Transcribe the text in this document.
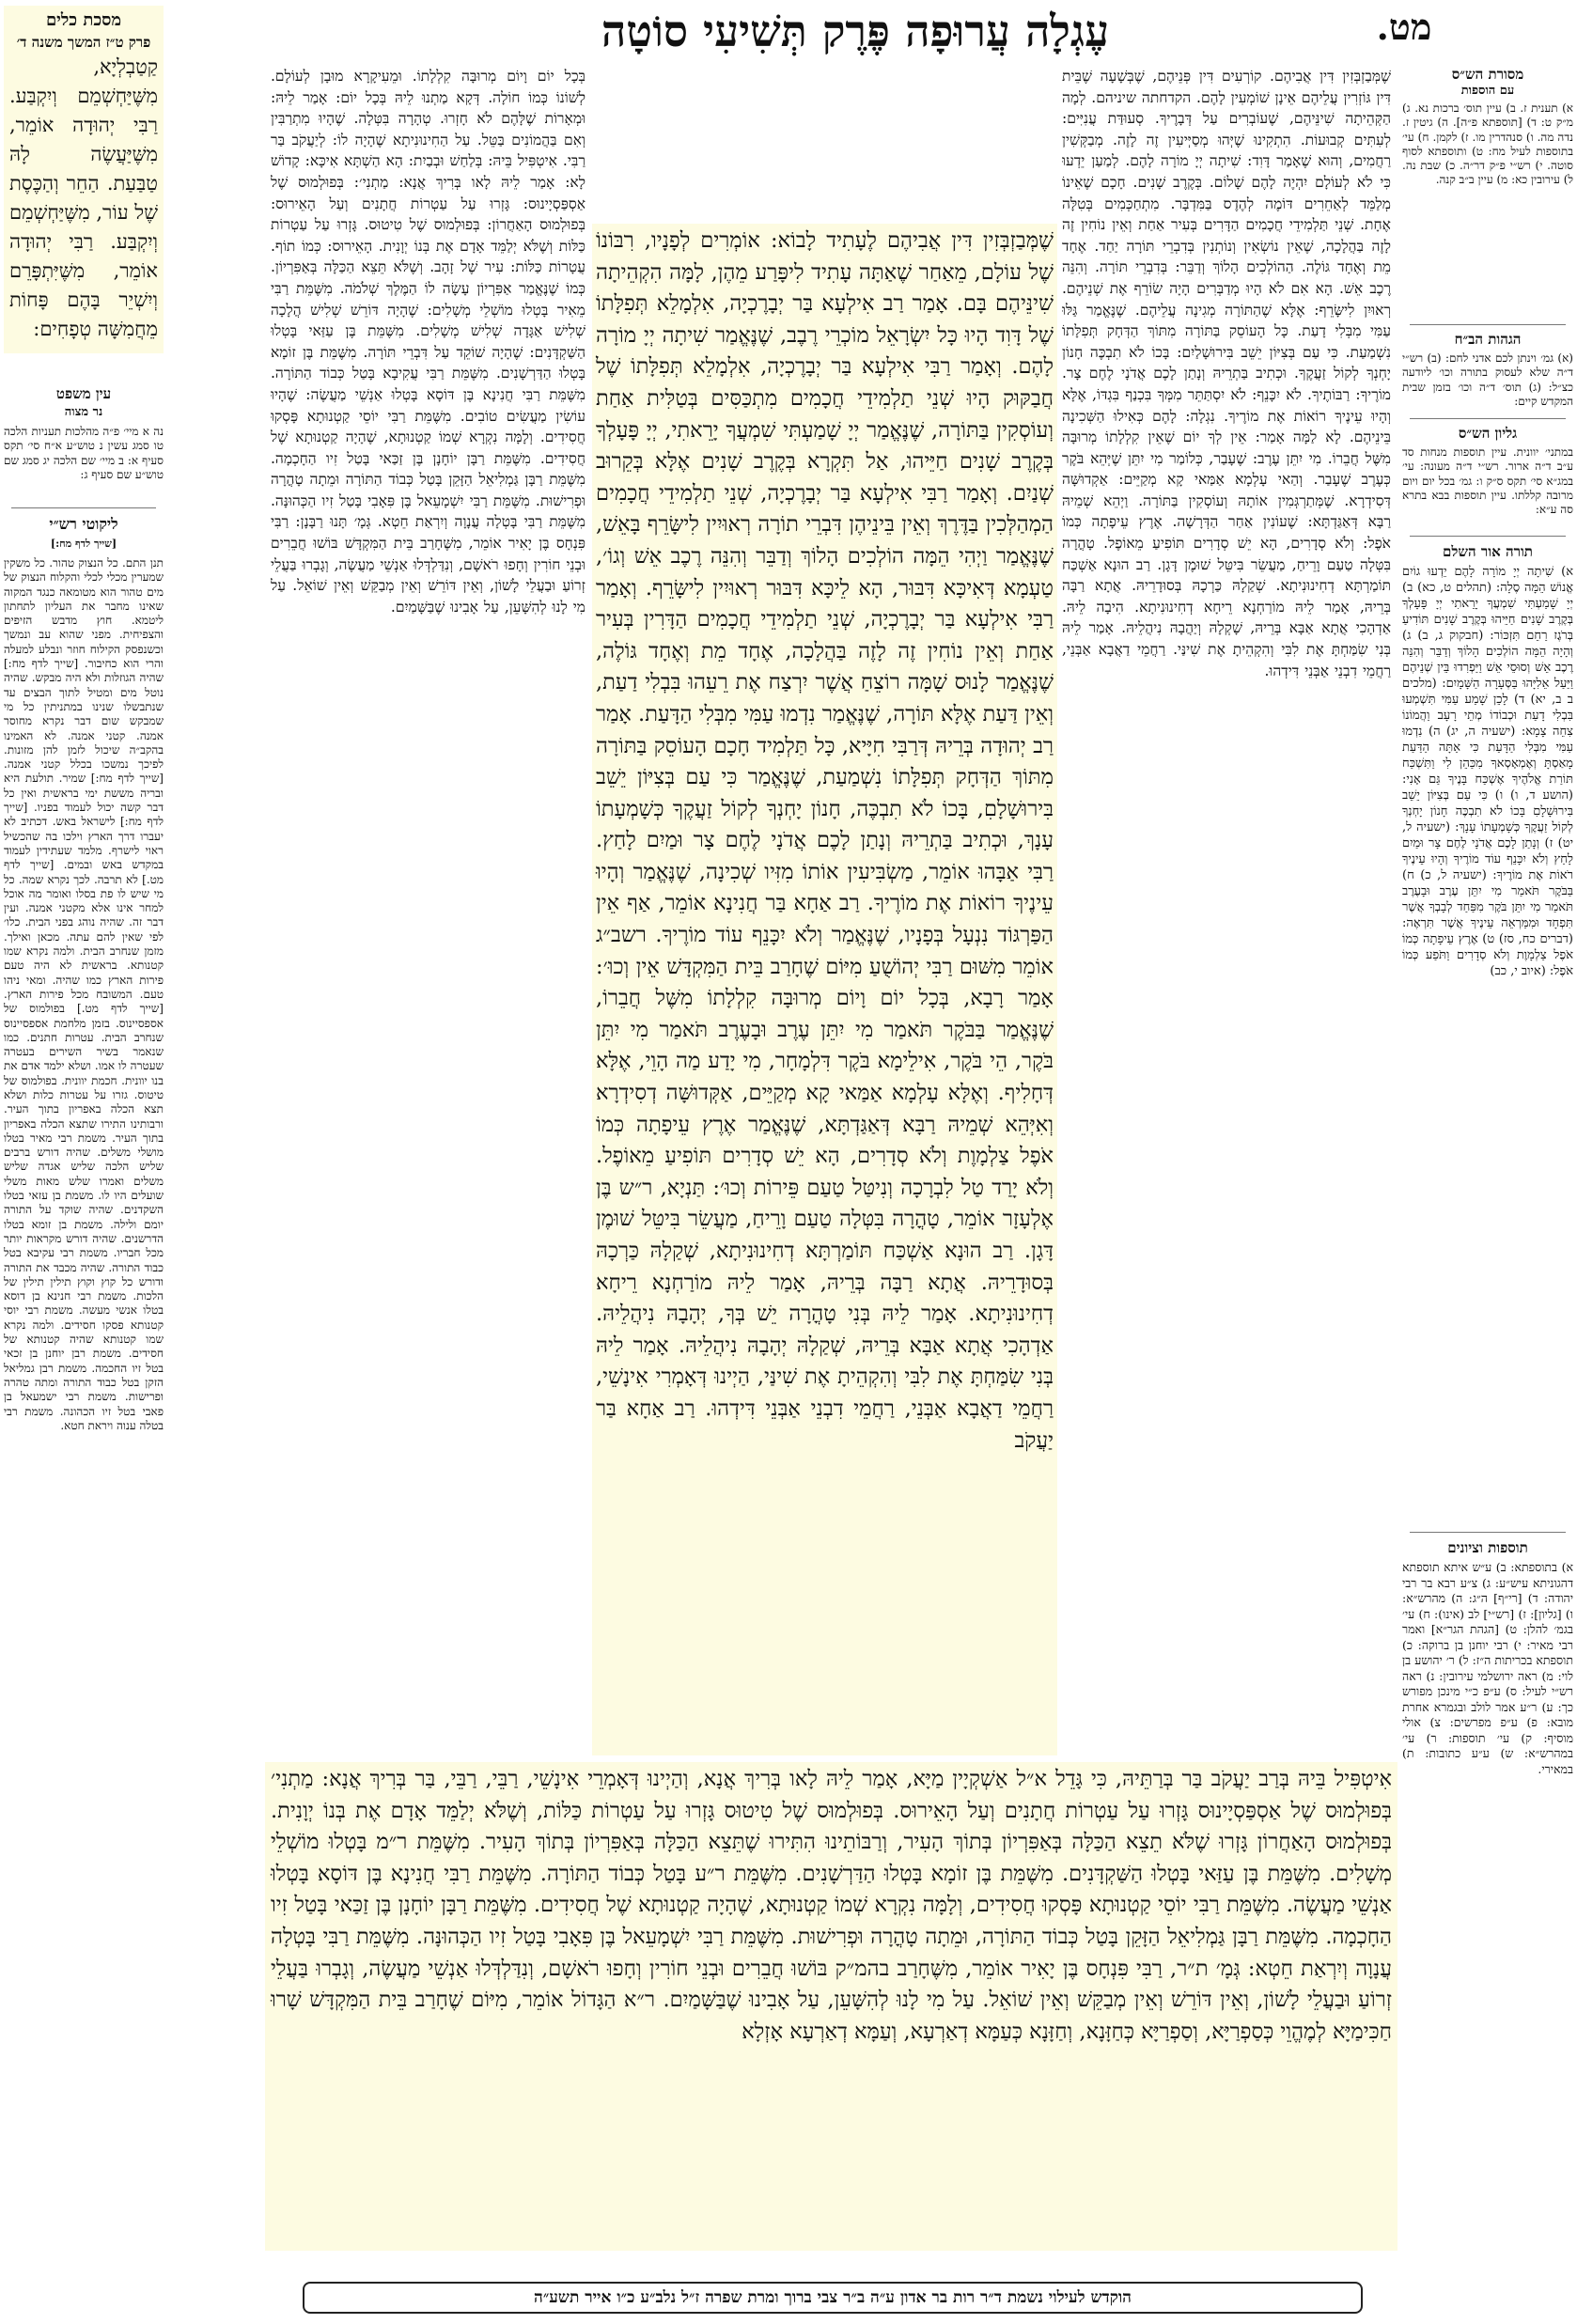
מט.
עֶגְלָה עֲרוּפָה פֶּרֶק תְּשִׁיעִי סוֹטָה
מסורת הש״ס
עם הוספות
א) תענית ז. ב) עיין תוס׳ ברכות נא. ג) מ״ק ט: ד) [תוספתא פ״ה]. ה) גיטין ז. נדה מה. ו) סנהדרין מו. ז) לקמן. ח) עי׳ בתוספות לעיל מח: ט) ותוספתא לסוף סוטה. י) רש״י פ״ק דר״ה. כ) שבת נה. ל) עירובין כא: מ) עיין ב״ב קנה.
הגהות הב״ח
(א) גמ׳ וינתן לכם אדני לחם: (ב) רש״י ד״ה שלא לעסוק בתורה וכו׳ ליודעה כצ״ל: (ג) תוס׳ ד״ה וכו׳ בזמן שבית המקדש קיים:
גליון הש״ס
במתני׳ יוונית. עיין תוספות מנחות סד ע״ב ד״ה ארור. רש״י ד״ה מעונה: עי׳ במג״א סי׳ תקס ס״ק ו: גמ׳ בכל יום ויום מרובה קללתו. עיין תוספות בבא בתרא סה ע״א:
תורה אור השלם
א) שִׁיתָה יְיָ מוֹרָה לָהֶם יֵדְעוּ גוֹיִם אֱנוֹשׁ הֵמָּה סֶלָה: (תהלים ט, כא) ב) יְיָ שָׁמַעְתִּי שִׁמְעֲךָ יָרֵאתִי יְיָ פָּעָלְךָ בְּקֶרֶב שָׁנִים חַיֵּיהוּ בְּקֶרֶב שָׁנִים תּוֹדִיעַ בְּרֹגֶז רַחֵם תִּזְכּוֹר: (חבקוק ג, ב) ג) וְהָיָה הֵמָּה הוֹלְכִים הָלוֹךְ וְדַבֵּר וְהִנֵּה רֶכֶב אֵשׁ וְסוּסֵי אֵשׁ וַיַּפְרִדוּ בֵּין שְׁנֵיהֶם וַיַּעַל אֵלִיָּהוּ בַּסְּעָרָה הַשָּׁמָיִם: (מלכים ב ב, יא) ד) לָכֵן שָׁמַע עַמִּי תִּשְׁמְעוּ בִּבְלִי דָעַת וּכְבוֹדוֹ מְתֵי רָעָב וַהֲמוֹנוֹ צִחֵה צָמָא: (ישעיה ה, יג) ה) נִדְמוּ עַמִּי מִבְּלִי הַדָּעַת כִּי אַתָּה הַדַּעַת מָאַסְתָּ וְאֶמְאָסְאךָ מִכַּהֵן לִי וַתִּשְׁכַּח תּוֹרַת אֱלֹהֶיךָ אֶשְׁכַּח בָּנֶיךָ גַּם אָנִי: (הושע ד, ו) ו) כִּי עַם בְּצִיּוֹן יֵשֵׁב בִּירוּשָׁלָםִ בָּכוֹ לֹא תִבְכֶּה חָנוֹן יָחְנְךָ לְקוֹל זַעֲקֶךָ כְּשָׁמְעָתוֹ עָנָךְ: (ישעיה ל, יט) ז) וְנָתַן לָכֶם אֲדֹנָי לֶחֶם צָר וּמַיִם לָחַץ וְלֹא יִכָּנֵף עוֹד מוֹרֶיךָ וְהָיוּ עֵינֶיךָ רֹאוֹת אֶת מוֹרֶיךָ: (ישעיה ל, כ) ח) בַּבֹּקֶר תֹּאמַר מִי יִתֵּן עֶרֶב וּבָעֶרֶב תֹּאמַר מִי יִתֵּן בֹּקֶר מִפַּחַד לְבָבְךָ אֲשֶׁר תִּפְחָד וּמִמַּרְאֵה עֵינֶיךָ אֲשֶׁר תִּרְאֶה: (דברים כח, סז) ט) אֶרֶץ עֵיפָתָה כְּמוֹ אֹפֶל צַלְמָוֶת וְלֹא סְדָרִים וַתֹּפַע כְּמוֹ אֹפֶל: (איוב י, כב)
תוספות וציונים
א) בתוספתא: ב) ע״ש איתא תוספתא דהגוניתא עיש״ע: ג) צ״ע רבא בר רבי יהודה: ד) [רי״ף] ה״ג: ה) מהרש״א: ו) [גליון]: ז) [רש״י] לב (אינו): ח) עי׳ בגמ׳ להלן: ט) [הגהת הגר״א] ואמר רבי מאיר: י) רבי יוחנן בן ברוקה: כ) תוספתא בכריתות ה״ז: ל) ר׳ יהושע בן לוי: מ) ראה ירושלמי עירובין: נ) ראה רש״י לעיל: ס) ע״פ כ״י מינכן מפורש כך: ע) ר״ע אמר לולב ובגמרא אחרת מובא: פ) ע״פ מפרשים: צ) אולי מוסיף: ק) עי׳ תוספות: ר) עי׳ במהרש״א: ש) ע״ע כתובות: ת) במאירי.
מסכת כלים
פרק ט״ז המשך משנה ד׳
קַטַבְלְיָא, מִשֶּׁיַּחְשְׁמֵם וְיִקְבַּע. רַבִּי יְהוּדָה אוֹמֵר, מִשֶּׁיַּעֲשֶׂה לָהּ טַבַּעַת. הַחֵר וְהַכֶּסֶת שֶׁל עוֹר, מִשֶּׁיַּחְשְׁמֵם וְיִקְבַּע. רַבִּי יְהוּדָה אוֹמֵר, מִשֶּׁיִּתְפָּרֵם וְיִשְׁיֵר בָּהֶם פָּחוֹת מֵחֲמִשָּׁה טְפָחִים:
עין משפט
נר מצוה
נה א מיי׳ פ״ה מהלכות תעניות הלכה טו סמג עשין נ טוש״ע א״ח סי׳ תקס סעיף א: ב מיי׳ שם הלכה יג סמג שם טוש״ע שם סעיף ג:
ליקוטי רש״י
[שייך לדף מח:]
תנן התם. כל הנצוק טהור. כל משקין שמערין מכלי לכלי והקלוח הנצוק של מים טהור הוא מטומאה כנגד המקוה שאינו מחבר את העליון לתחתון ליטמא. חוץ מדבש הזיפים והצפיחית. מפני שהוא עב ונמשך וכשנפסק הקילוח חוזר ונבלע למעלה והרי הוא כחיבור. [שייך לדף מח:] שהיה הגוזלות ולא היה מבקש. שהיה נוטל מים ומטיל לתוך הבצים עד שנתבשלו שנינו במתניתין כל מי שמבקש שום דבר נקרא מחוסר אמנה. קטני אמנה. לא האמינו בהקב״ה שיכול לזמן להן מזונות. לפיכך נמשכו בכלל קטני אמנה. [שייך לדף מח:] שמיר. תולעת היא ובריה מששת ימי בראשית ואין כל דבר קשה יכול לעמוד בפניו. [שייך לדף מח:] לישראל באש. דכתיב לא יעברו דרך הארץ וילכו בה שהכשיל ראוי לישרף. מלמד שעתידין לעמוד במקדש באש ובמים. [שייך לדף מט.] לא תרבה. לכך נקרא שמה. כל מי שיש לו פת בסלו ואומר מה אוכל למחר אינו אלא מקטני אמנה. ועין דבר זה. שהיה נוהג בפני הבית. כלו׳ לפי שאין להם עתה. מכאן ואילך. מזמן שנחרב הבית. ולמה נקרא שמו קטנותא. בראשית לא היה טעם פירות הארץ כמו שהיה. ומאי ניהו טעם. המשובח מכל פירות הארץ. [שייך לדף מט.] בפולמוס של אספסיינוס. בזמן מלחמת אספסיינוס שנחרב הבית. עטרות חתנים. כמו שנאמר בשיר השירים בעטרה שעטרה לו אמו. ושלא ילמד אדם את בנו יוונית. חכמת יוונית. בפולמוס של טיטוס. גזרו על עטרות כלות ושלא תצא הכלה באפריון בתוך העיר. ורבותינו התירו שתצא הכלה באפריון בתוך העיר. משמת רבי מאיר בטלו מושלי משלים. שהיה דורש ברבים שליש הלכה שליש אגדה שליש משלים ואמרו שלש מאות משלי שועלים היו לו. משמת בן עזאי בטלו השקדנים. שהיה שוקד על התורה יומם ולילה. משמת בן זומא בטלו הדרשנים. שהיה דורש מקראות יותר מכל חבריו. משמת רבי עקיבא בטל כבוד התורה. שהיה מכבד את התורה ודורש כל קוץ וקוץ תילין תילין של הלכות. משמת רבי חנינא בן דוסא בטלו אנשי מעשה. משמת רבי יוסי קטנותא פסקו חסידים. ולמה נקרא שמו קטנותא שהיה קטנותא של חסידים. משמת רבן יוחנן בן זכאי בטל זיו החכמה. משמת רבן גמליאל הזקן בטל כבוד התורה ומתה טהרה ופרישות. משמת רבי ישמעאל בן פאבי בטל זיו הכהונה. משמת רבי בטלה ענוה ויראת חטא.
שֶׁמְּבַזְבְּזִין דִּין אֲבִיהֶם. קוֹרְעִים דִּין פְּנֵיהֶם, שֶׁבְּשָׁעָה שֶׁבֵּית דִּין גּוֹזְרִין עֲלֵיהֶם אֵינָן שׁוֹמְעִין לָהֶם. הקדחתה שיניהם. לְמָה הַקְּהֵיתָה שִׁינֵּיהֶם, שֶׁעוֹבְרִים עַל דְּבָרֶיךָ. סְעוּדַּת עֲנִיִּים: לְעִתִּים קְבוּעוֹת. הִתְקִינוּ שֶׁיְּהוּ מְסַיְּיעִין זֶה לָזֶה. מְבַקְּשִׁין רַחֲמִים, וְהוּא שֶׁאָמַר דָּוִד: שִׁיתָה יְיָ מוֹרָה לָהֶם. לְמַעַן יֵדְעוּ כִּי לֹא לְעוֹלָם יִהְיֶה לָהֶם שָׁלוֹם. בְּקֶרֶב שָׁנִים. חָכָם שֶׁאֵינוֹ מְלַמֵּד לְאַחֵרִים דּוֹמֶה לְהֶדֶס בַּמִּדְבָּר. מִתְחַכְּמִים בְּטִלָּה אֶחָת. שְׁנֵי תַּלְמִידֵי חֲכָמִים הַדָּרִים בְּעִיר אַחַת וְאֵין נוֹחִין זֶה לָזֶה בַּהֲלָכָה, שֶׁאֵין נוֹשְׂאִין וְנוֹתְנִין בְּדִבְרֵי תּוֹרָה יַחַד. אֶחָד מֵת וְאֶחָד גּוֹלֶה. הַהוֹלְכִים הָלוֹךְ וְדַבֵּר: בְּדִבְרֵי תּוֹרָה. וְהִנֵּה רֶכֶב אֵשׁ. הָא אִם לֹא הָיוּ מְדַבְּרִים הָיָה שׂוֹרֵף אֶת שְׁנֵיהֶם. רְאוּיִן לִישָּׂרֵף: אֶלָּא שֶׁהַתּוֹרָה מְגִינָה עֲלֵיהֶם. שֶׁנֶּאֱמַר גַּלּוּ עַמִּי מִבְּלִי דָעַת. כָּל הָעוֹסֵק בַּתּוֹרָה מִתּוֹךְ הַדְּחָק תְּפִלָּתוֹ נִשְׁמַעַת. כִּי עַם בְּצִיּוֹן יֵשֵׁב בִּירוּשָׁלַיִם: בָּכוֹ לֹא תִבְכֶּה חָנוֹן יָחְנְךָ לְקוֹל זַעֲקֶךָ. וּכְתִיב בַּתְרֵיהּ וְנָתַן לָכֶם אֲדֹנָי לֶחֶם צָר. מוֹרֶיךָ: רַבּוֹתֶיךָ. לֹא יִכָּנֵף: לֹא יִסְתַּתֵּר מִמְּךָ בִּכְנַף בִּגְדּוֹ, אֶלָּא וְהָיוּ עֵינֶיךָ רוֹאוֹת אֶת מוֹרֶיךָ. נִגְלָה: לָהֶם כְּאִילוּ הַשְּׁכִינָה בֵּינֵיהֶם. לָא לַמָּה אָמַר: אֵין לְךָ יוֹם שֶׁאֵין קִלְלָתוֹ מְרוּבָּה מִשֶּׁל חֲבֵרוֹ. מִי יִתֵּן עֶרֶב: שֶׁעָבַר, כְּלוֹמַר מִי יִתֵּן שֶׁיְּהֵא בֹּקֶר כְּעֶרֶב שֶׁעָבַר. וְהַאי עָלְמָא אַמַּאי קָא מְקַיֵּים: אַקְדוּשָּׁה דְּסִידְרָא. שֶׁמְּתַרְגְּמִין אוֹתָהּ וְעוֹסְקִין בַּתּוֹרָה. וַיְהֵא שְׁמֵיהּ רַבָּא דְּאַגַּדְתָּא: שֶׁעוֹנִין אַחַר הַדְּרָשָׁה. אֶרֶץ עֵיפָתָה כְּמוֹ אֹפֶל: וְלֹא סְדָרִים, הָא יֵשׁ סְדָרִים תּוֹפִיעַ מֵאוֹפֶל. טָהֳרָה בִּטְּלָה טַעַם וָרֵיחַ, מַעֲשֵׂר בִּיטֵּל שׁוּמֶן דָּגָן. רַב הוּנָא אַשְׁכַּח תּוֹמַרְתָּא דְחִינוּנִיתָא. שְׁקַלָהּ כַּרְכָהּ בְּסוּדָרֵיהּ. אֲתָא רַבָּה בְּרֵיהּ, אָמַר לֵיהּ מוֹרַחְנָא רֵיחָא דְחִינוּנִיתָא. הִיבָה לֵיהּ. אַדְהָכִי אֲתָא אַבָּא בְּרֵיהּ, שָׁקְלָהּ וְיַהֲבָהּ נִיהֲלֵיהּ. אָמַר לֵיהּ בְּנִי שִׂמַּחְתָּ אֶת לִבִּי וְהִקְהֵיתָ אֶת שִׁינַּי. רַחֲמֵי דַאֲבָא אַבְּנֵי, רַחֲמֵי דִבְנֵי אַבְּנֵי דִּידְהוּ.
בְּכָל יוֹם וָיוֹם מְרוּבָּה קִלְלָתוֹ. וּמֵעִיקָרָא מוּבָן לְעוֹלָם. לְשׁוֹנוֹ כְּמוֹ חוֹלָה. דְּקָא מַתְנוּ לֵיהּ בְּכָל יוֹם: אָמַר לֵיהּ: וּמְאָרוֹת שֶׁלָּהֶם לֹא חָזְרוּ. טְהָרָה בִּטְּלָה. שֶׁהָיוּ מִתְרַבִּין וְאִם בַּהֲמוֹנִים בַּטֵּל. עַל הַחִינוּנִיתָא שֶׁהָיָה לוֹ: לְיַעֲקֹב בַּר רַבִּי. אִיטְפִּיל בֵּיהּ: בְּלַחַשׁ וּבְבַיִת: הָא הַשְׁתָּא אִיכָּא: קָדוֹשׁ לָא: אָמַר לֵיהּ לָאו בְּרִיךְ אֲנָא: מַתְנִי׳: בְּפוּלְמוּס שֶׁל אַסְפַּסְיָינוּס: גָּזְרוּ עַל עַטְרוֹת חֲתָנִים וְעַל הָאֵירוּס: בְּפוּלְמוּס הָאַחֲרוֹן: בְּפוּלְמוּס שֶׁל טִיטוּס. גָּזְרוּ עַל עַטְרוֹת כַּלּוֹת וְשֶׁלֹּא יְלַמֵּד אָדָם אֶת בְּנוֹ יְוָנִית. הָאֵירוּס: כְּמוֹ תוֹף. עֲטָרוֹת כַּלּוֹת: עִיר שֶׁל זָהָב. וְשֶׁלֹּא תֵּצֵא הַכַּלָּה בְּאַפִּרְיוֹן. כְּמוֹ שֶׁנֶּאֱמַר אַפִּרְיוֹן עָשָׂה לוֹ הַמֶּלֶךְ שְׁלֹמֹה. מִשֶּׁמֵּת רַבִּי מֵאִיר בָּטְלוּ מוֹשְׁלֵי מְשָׁלִים: שֶׁהָיָה דּוֹרֵשׁ שְׁלִישׁ הֲלָכָה שְׁלִישׁ אַגָּדָה שְׁלִישׁ מְשָׁלִים. מִשֶּׁמֵּת בֶּן עַזַּאי בָּטְלוּ הַשַּׁקְדָּנִים: שֶׁהָיָה שׁוֹקֵד עַל דִּבְרֵי תּוֹרָה. מִשֶּׁמֵּת בֶּן זוֹמָא בָּטְלוּ הַדַּרְשָׁנִים. מִשֶּׁמֵּת רַבִּי עֲקִיבָא בָּטַל כְּבוֹד הַתּוֹרָה. מִשֶּׁמֵּת רַבִּי חֲנִינָא בֶּן דּוֹסָא בָּטְלוּ אַנְשֵׁי מַעֲשֶׂה: שֶׁהָיוּ עוֹשִׂין מַעֲשִׂים טוֹבִים. מִשֶּׁמֵּת רַבִּי יוֹסֵי קַטְנוּתָא פָּסְקוּ חֲסִידִים. וְלָמָּה נִקְרָא שְׁמוֹ קַטְנוּתָא, שֶׁהָיָה קַטְנוּתָא שֶׁל חֲסִידִים. מִשֶּׁמֵּת רַבָּן יוֹחָנָן בֶּן זַכַּאי בָּטַל זִיו הַחָכְמָה. מִשֶּׁמֵּת רַבָּן גַּמְלִיאֵל הַזָּקֵן בָּטַל כְּבוֹד הַתּוֹרָה וּמֵתָה טָהֳרָה וּפְרִישׁוּת. מִשֶּׁמֵּת רַבִּי יִשְׁמָעֵאל בֶּן פִּאָבִי בָּטַל זִיו הַכְּהוּנָּה. מִשֶּׁמֵּת רַבִּי בָּטְלָה עֲנָוָה וְיִרְאַת חֵטְא. גְּמָ׳ תָּנוּ רַבָּנָן: רַבִּי פִּנְחָס בֶּן יָאִיר אוֹמֵר, מִשֶּׁחָרַב בֵּית הַמִּקְדָּשׁ בּוֹשׁוּ חֲבֵרִים וּבְנֵי חוֹרִין וְחָפוּ רֹאשָׁם, וְנִדַּלְדְּלוּ אַנְשֵׁי מַעֲשֶׂה, וְגָבְרוּ בַּעֲלֵי זְרוֹעַ וּבַעֲלֵי לָשׁוֹן, וְאֵין דּוֹרֵשׁ וְאֵין מְבַקֵּשׁ וְאֵין שׁוֹאֵל. עַל מִי לָנוּ לְהִשָּׁעֵן, עַל אָבִינוּ שֶׁבַּשָּׁמַיִם.
שֶׁמְּבַזְבְּזִין דִּין אֲבִיהֶם לֶעָתִיד לָבוֹא: אוֹמְרִים לְפָנָיו, רִבּוֹנוֹ שֶׁל עוֹלָם, מֵאַחַר שֶׁאַתָּה עָתִיד לִיפָּרַע מֵהֶן, לָמָּה הִקְהֵיתָה שִׁינֵּיהֶם בָּם. אָמַר רַב אִילְעָא בַּר יְבָרֶכְיָה, אִלְמָלֵא תְּפִלָּתוֹ שֶׁל דָּוִד הָיוּ כָּל יִשְׂרָאֵל מוֹכְרֵי רֶבֶב, שֶׁנֶּאֱמַר שִׁיתָה יְיָ מוֹרָה לָהֶם. וְאָמַר רַבִּי אִילְעָא בַּר יְבָרֶכְיָה, אִלְמָלֵא תְּפִלָּתוֹ שֶׁל חֲבַקּוּק הָיוּ שְׁנֵי תַלְמִידֵי חֲכָמִים מִתְכַּסִּים בְּטַלִּית אַחַת וְעוֹסְקִין בַּתּוֹרָה, שֶׁנֶּאֱמַר יְיָ שָׁמַעְתִּי שִׁמְעֲךָ יָרֵאתִי, יְיָ פָּעָלְךָ בְּקֶרֶב שָׁנִים חַיֵּיהוּ, אַל תִּקְרָא בְּקֶרֶב שָׁנִים אֶלָּא בְּקֵרוּב שְׁנַיִם. וְאָמַר רַבִּי אִילְעָא בַּר יְבָרֶכְיָה, שְׁנֵי תַלְמִידֵי חֲכָמִים הַמְהַלְּכִין בַּדֶּרֶךְ וְאֵין בֵּינֵיהֶן דִּבְרֵי תוֹרָה רְאוּיִין לִישָּׂרֵף בָּאֵשׁ, שֶׁנֶּאֱמַר וַיְהִי הֵמָּה הוֹלְכִים הָלוֹךְ וְדַבֵּר וְהִנֵּה רֶכֶב אֵשׁ וְגוֹ׳, טַעְמָא דְּאִיכָּא דִּבּוּר, הָא לֵיכָּא דִּבּוּר רְאוּיִין לִישָּׂרֵף. וְאָמַר רַבִּי אִילְעָא בַּר יְבָרֶכְיָה, שְׁנֵי תַלְמִידֵי חֲכָמִים הַדָּרִין בְּעִיר אַחַת וְאֵין נוֹחִין זֶה לָזֶה בַּהֲלָכָה, אֶחָד מֵת וְאֶחָד גּוֹלֶה, שֶׁנֶּאֱמַר לָנוּס שָׁמָּה רוֹצֵחַ אֲשֶׁר יִרְצַח אֶת רֵעֵהוּ בִּבְלִי דַעַת, וְאֵין דַּעַת אֶלָּא תּוֹרָה, שֶׁנֶּאֱמַר נִדְמוּ עַמִּי מִבְּלִי הַדָּעַת. אָמַר רַב יְהוּדָה בְּרֵיהּ דְּרַבִּי חִיָּיא, כָּל תַּלְמִיד חָכָם הָעוֹסֵק בַּתּוֹרָה מִתּוֹךְ הַדְּחָק תְּפִלָּתוֹ נִשְׁמַעַת, שֶׁנֶּאֱמַר כִּי עַם בְּצִיּוֹן יֵשֵׁב בִּירוּשָׁלָםִ, בָּכוֹ לֹא תִבְכֶּה, חָנוֹן יָחְנְךָ לְקוֹל זַעֲקֶךָ כְּשָׁמְעָתוֹ עָנָךְ, וּכְתִיב בַּתְרֵיהּ וְנָתַן לָכֶם אֲדֹנָי לֶחֶם צָר וּמַיִם לָחַץ. רַבִּי אַבָּהוּ אוֹמֵר, מַשְׂבִּיעִין אוֹתוֹ מִזִּיו שְׁכִינָה, שֶׁנֶּאֱמַר וְהָיוּ עֵינֶיךָ רוֹאוֹת אֶת מוֹרֶיךָ. רַב אַחָא בַּר חֲנִינָא אוֹמֵר, אַף אֵין הַפַּרְגּוֹד נִנְעָל בְּפָנָיו, שֶׁנֶּאֱמַר וְלֹא יִכָּנֵף עוֹד מוֹרֶיךָ. רשב״ג אוֹמֵר מִשּׁוּם רַבִּי יְהוֹשֻׁעַ מִיּוֹם שֶׁחָרַב בֵּית הַמִּקְדָּשׁ אֵין וְכוּ׳: אָמַר רָבָא, בְּכָל יוֹם וָיוֹם מְרוּבָּה קִלְלָתוֹ מִשֶּׁל חֲבֵרוֹ, שֶׁנֶּאֱמַר בַּבֹּקֶר תֹּאמַר מִי יִתֵּן עֶרֶב וּבָעֶרֶב תֹּאמַר מִי יִתֵּן בֹּקֶר, הֵי בֹּקֶר, אִילֵימָא בֹּקֶר דִּלְמָחָר, מִי יָדַע מַה הָוֵי, אֶלָּא דְּחָלִיף. וְאֶלָּא עָלְמָא אַמַּאי קָא מְקַיֵּים, אַקְּדוּשָּׁה דְסִידְרָא וְאִיְּהֵא שְׁמֵיהּ רַבָּא דְּאַגַּדְתָּא, שֶׁנֶּאֱמַר אֶרֶץ עֵיפָתָה כְּמוֹ אֹפֶל צַלְמָוֶת וְלֹא סְדָרִים, הָא יֵשׁ סְדָרִים תּוֹפִיעַ מֵאוֹפֶל. וְלֹא יָרַד טַל לִבְרָכָה וְנִיטַּל טַעַם פֵּירוֹת וְכוּ׳: תַּנְיָא, ר״ש בֶּן אֶלְעָזָר אוֹמֵר, טָהֳרָה בִּטְּלָה טַעַם וָרֵיחַ, מַעֲשֵׂר בִּיטֵּל שׁוּמֶן דָּגָן. רַב הוּנָא אַשְׁכַּח תּוֹמַרְתָּא דְחִינוּנִיתָא, שְׁקַלָהּ כַּרְכָהּ בְּסוּדָרֵיהּ. אֲתָא רַבָּה בְּרֵיהּ, אָמַר לֵיהּ מוֹרַחְנָא רֵיחָא דְחִינוּנִיתָא. אָמַר לֵיהּ בְּנִי טָהֳרָה יֵשׁ בְּךָ, יְהָבָהּ נִיהֲלֵיהּ. אַדְהָכִי אֲתָא אַבָּא בְּרֵיהּ, שְׁקַלָהּ יְהָבָהּ נִיהֲלֵיהּ. אָמַר לֵיהּ בְּנִי שִׂמַּחְתָּ אֶת לִבִּי וְהִקְהֵיתָ אֶת שִׁינַּי, הַיְינוּ דְּאָמְרִי אִינָשֵׁי, רַחֲמֵי דַאֲבָא אַבְּנֵי, רַחֲמֵי דִבְנֵי אַבְּנֵי דִּידְהוּ. רַב אַחָא בַּר יַעֲקֹב
אִיטְפִּיל בֵּיהּ בְּרַב יַעֲקֹב בַּר בְּרַתֵּיהּ, כִּי גָּדֵל א״ל אַשְׁקְיָין מַיָּא, אָמַר לֵיהּ לָאו בְּרִיךְ אֲנָא, וְהַיְינוּ דְּאָמְרֵי אִינָשֵׁי, רַבֵּי, רַבֵּי, בַּר בְּרִיךְ אֲנָא: מַתְנִי׳ בְּפוּלְמוּס שֶׁל אַסְפַּסְיָינוּס גָּזְרוּ עַל עַטְרוֹת חֲתָנִים וְעַל הָאֵירוּס. בְּפוּלְמוּס שֶׁל טִיטוּס גָּזְרוּ עַל עַטְרוֹת כַּלּוֹת, וְשֶׁלֹּא יְלַמֵּד אָדָם אֶת בְּנוֹ יְוָנִית. בְּפוּלְמוּס הָאַחֲרוֹן גָּזְרוּ שֶׁלֹּא תֵצֵא הַכַּלָּה בְּאַפִּרְיוֹן בְּתוֹךְ הָעִיר, וְרַבּוֹתֵינוּ הִתִּירוּ שֶׁתֵּצֵא הַכַּלָּה בְּאַפִּרְיוֹן בְּתוֹךְ הָעִיר. מִשֶּׁמֵּת ר״מ בָּטְלוּ מוֹשְׁלֵי מְשָׁלִים. מִשֶּׁמֵּת בֶּן עַזַּאי בָּטְלוּ הַשַּׁקְדָּנִים. מִשֶּׁמֵּת בֶּן זוֹמָא בָּטְלוּ הַדַּרְשָׁנִים. מִשֶּׁמֵּת ר״ע בָּטַל כְּבוֹד הַתּוֹרָה. מִשֶּׁמֵּת רַבִּי חֲנִינָא בֶּן דּוֹסָא בָּטְלוּ אַנְשֵׁי מַעֲשֶׂה. מִשֶּׁמֵּת רַבִּי יוֹסֵי קַטְנוּתָא פָּסְקוּ חֲסִידִים, וְלָמָּה נִקְרָא שְׁמוֹ קַטְנוּתָא, שֶׁהָיָה קַטְנוּתָא שֶׁל חֲסִידִים. מִשֶּׁמֵּת רַבָּן יוֹחָנָן בֶּן זַכַּאי בָּטַל זִיו הַחָכְמָה. מִשֶּׁמֵּת רַבָּן גַּמְלִיאֵל הַזָּקֵן בָּטַל כְּבוֹד הַתּוֹרָה, וּמֵתָה טָהֳרָה וּפְרִישׁוּת. מִשֶּׁמֵּת רַבִּי יִשְׁמָעֵאל בֶּן פִּאָבִי בָּטַל זִיו הַכְּהוּנָּה. מִשֶּׁמֵּת רַבִּי בָּטְלָה עֲנָוָה וְיִרְאַת חֵטְא: גְּמָ׳ ת״ר, רַבִּי פִּנְחָס בֶּן יָאִיר אוֹמֵר, מִשֶּׁחָרַב בהמ״ק בּוֹשׁוּ חֲבֵרִים וּבְנֵי חוֹרִין וְחָפוּ רֹאשָׁם, וְנִדַּלְדְּלוּ אַנְשֵׁי מַעֲשֶׂה, וְגָבְרוּ בַּעֲלֵי זְרוֹעַ וּבַעֲלֵי לָשׁוֹן, וְאֵין דּוֹרֵשׁ וְאֵין מְבַקֵּשׁ וְאֵין שׁוֹאֵל. עַל מִי לָנוּ לְהִשָּׁעֵן, עַל אָבִינוּ שֶׁבַּשָּׁמַיִם. ר״א הַגָּדוֹל אוֹמֵר, מִיּוֹם שֶׁחָרַב בֵּית הַמִּקְדָּשׁ שָׁרוּ חַכִּימַיָּא לְמֶהֱוֵי כְּסַפְרַיָּא, וְסַפְרַיָּא כְּחַזָּנָא, וְחַזָּנָא כְּעַמָּא דְאַרְעָא, וְעַמָּא דְאַרְעָא אָזְלָא
הוקדש לעילוי נשמת ד״ר רות בר אדון ע״ה ב״ר צבי ברוך ומרת שפרה ז״ל נלב״ע כ״ו אייר תשע״ה
